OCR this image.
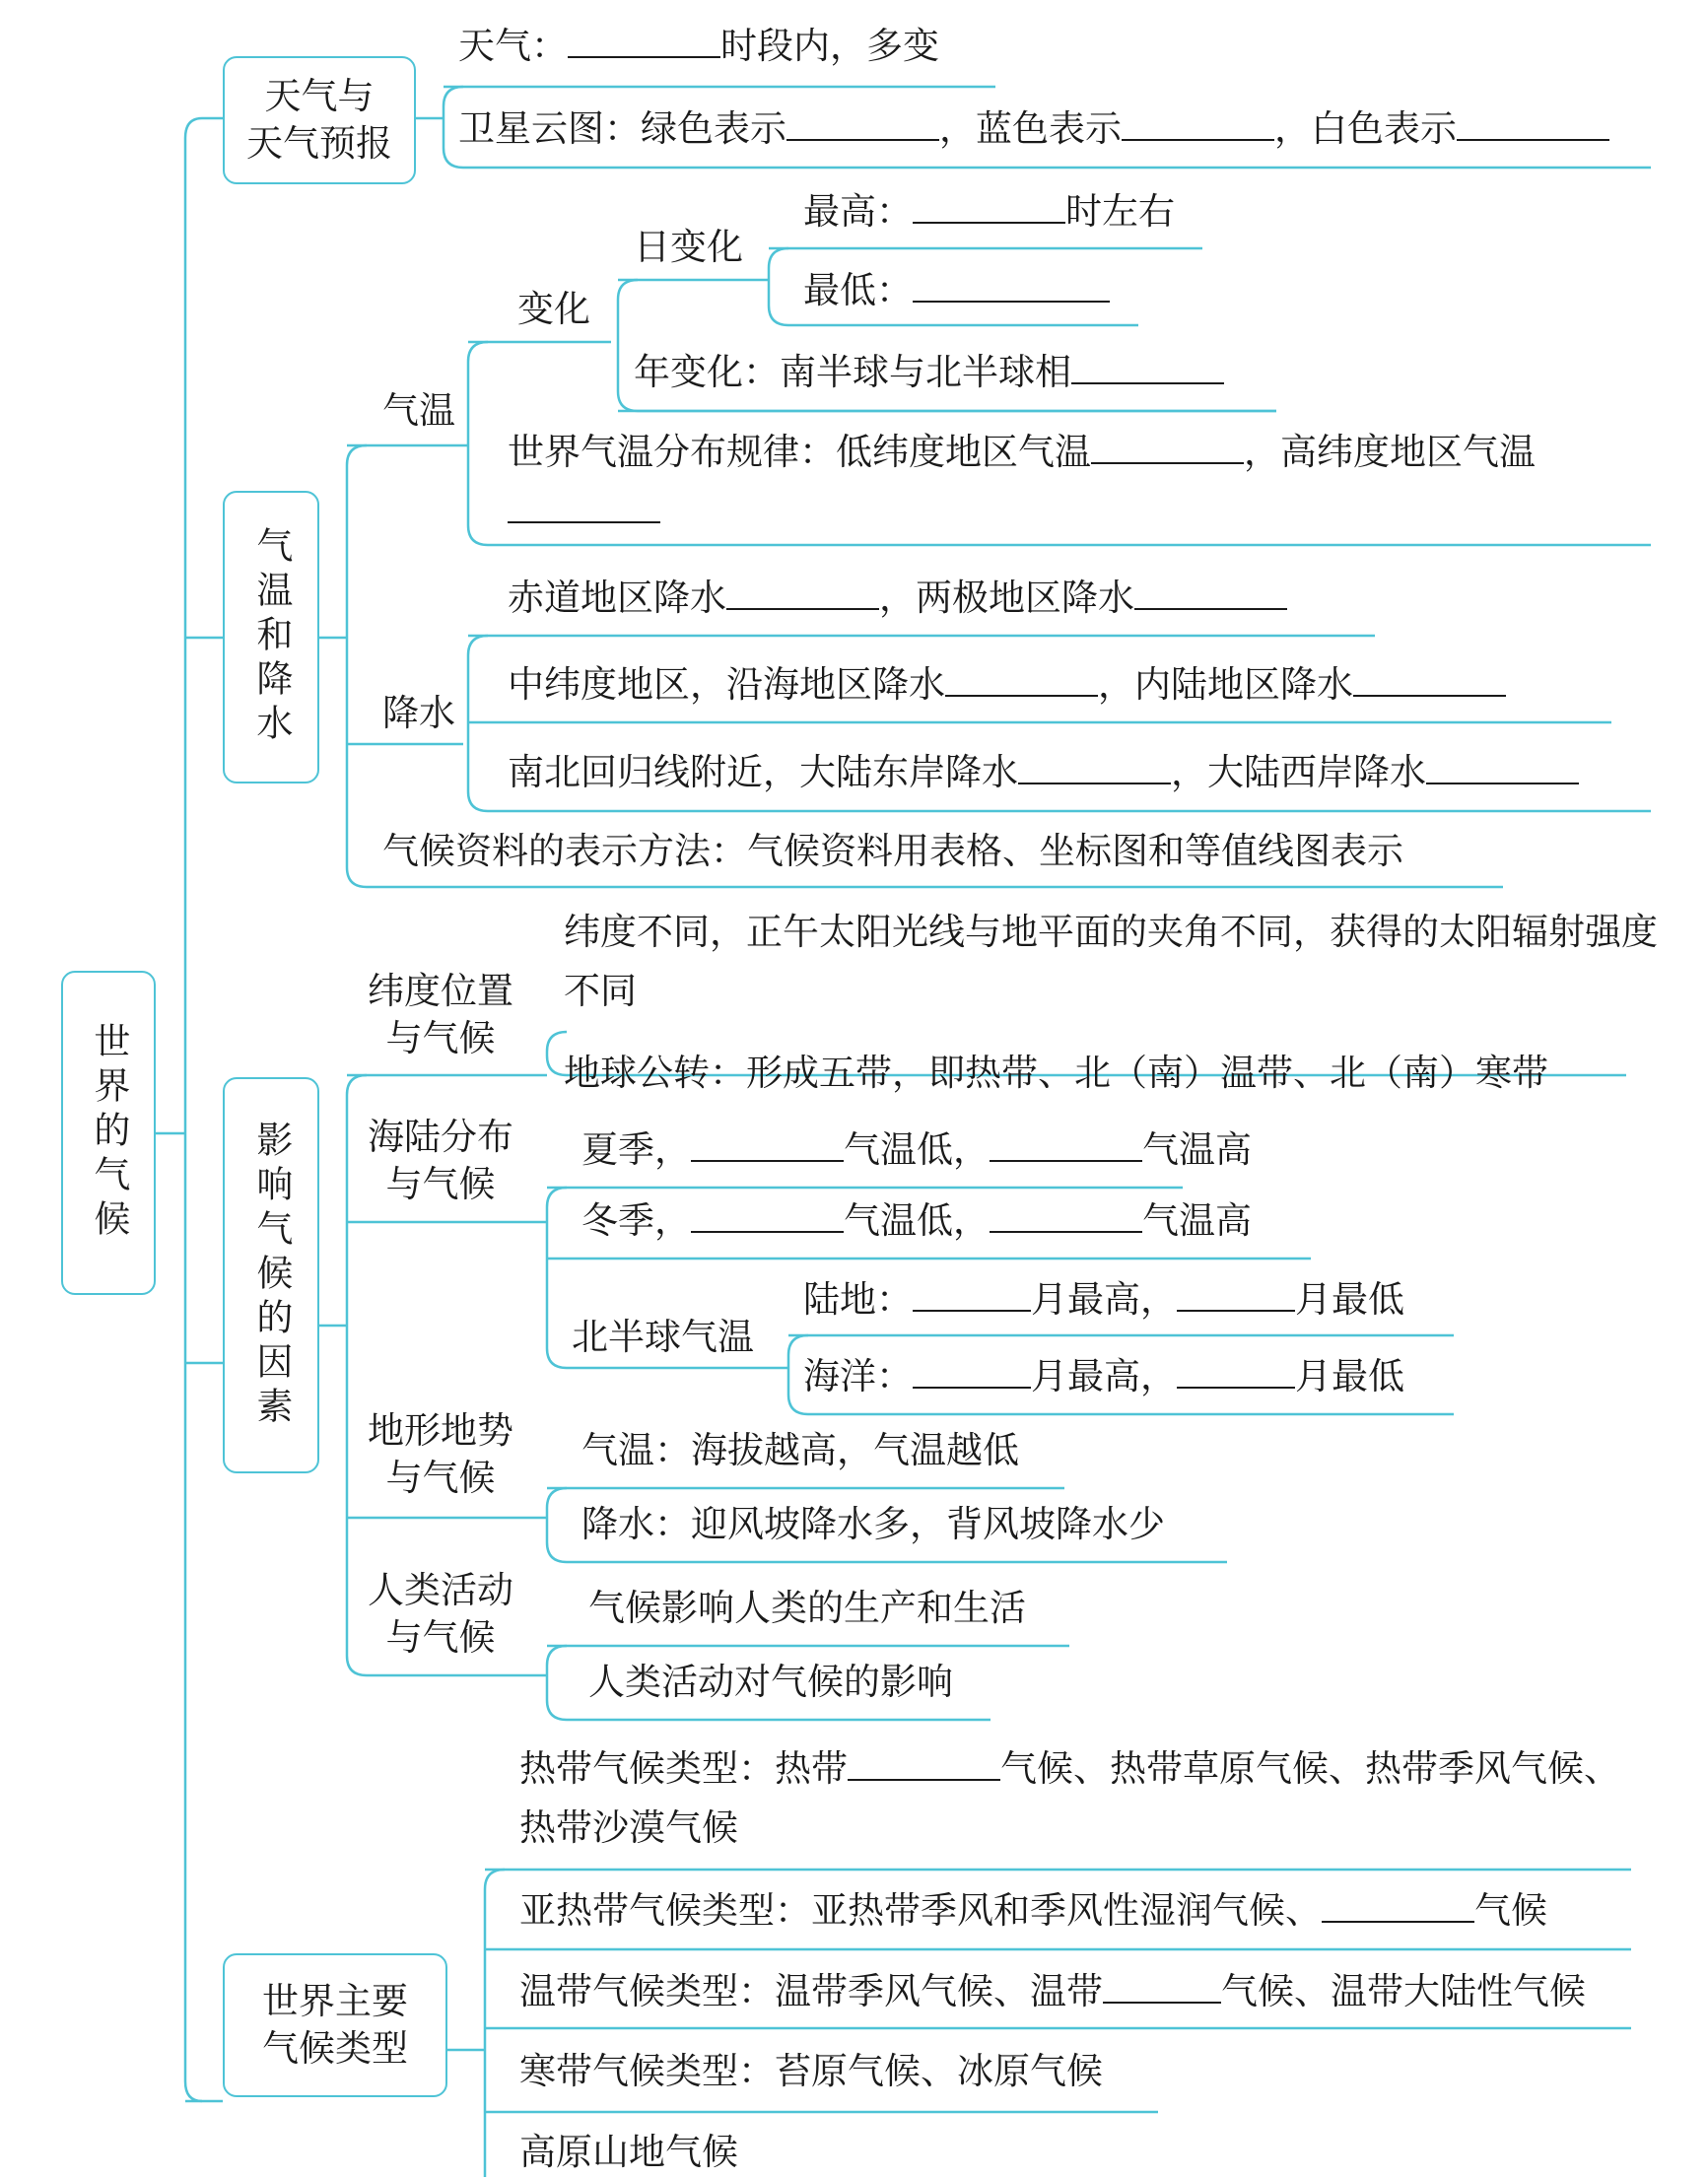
世界的气候
天气与
天气预报
天气：	时段内，多变
卫星云图：绿色表示	，蓝色表示	，白色表示
气温和降水
气温
变化
日变化
最高：	时左右
最低：
年变化：南半球与北半球相
世界气温分布规律：低纬度地区气温	，高纬度地区气温
降水
赤道地区降水	，两极地区降水
中纬度地区，沿海地区降水	，内陆地区降水
南北回归线附近，大陆东岸降水	，大陆西岸降水
气候资料的表示方法：气候资料用表格、坐标图和等值线图表示
影响气候的因素
纬度位置
与气候
纬度不同，正午太阳光线与地平面的夹角不同，获得的太阳辐射强度不同
地球公转：形成五带，即热带、北（南）温带、北（南）寒带
海陆分布
与气候
夏季，	气温低，	气温高
冬季，	气温低，	气温高
北半球气温
陆地：	月最高，	月最低
海洋：	月最高，	月最低
地形地势
与气候
气温：海拔越高，气温越低
降水：迎风坡降水多，背风坡降水少
人类活动
与气候
气候影响人类的生产和生活
人类活动对气候的影响
世界主要
气候类型
热带气候类型：热带	气候、热带草原气候、热带季风气候、热带沙漠气候
亚热带气候类型：亚热带季风和季风性湿润气候、	气候
温带气候类型：温带季风气候、温带	气候、温带大陆性气候
寒带气候类型：苔原气候、冰原气候
高原山地气候
